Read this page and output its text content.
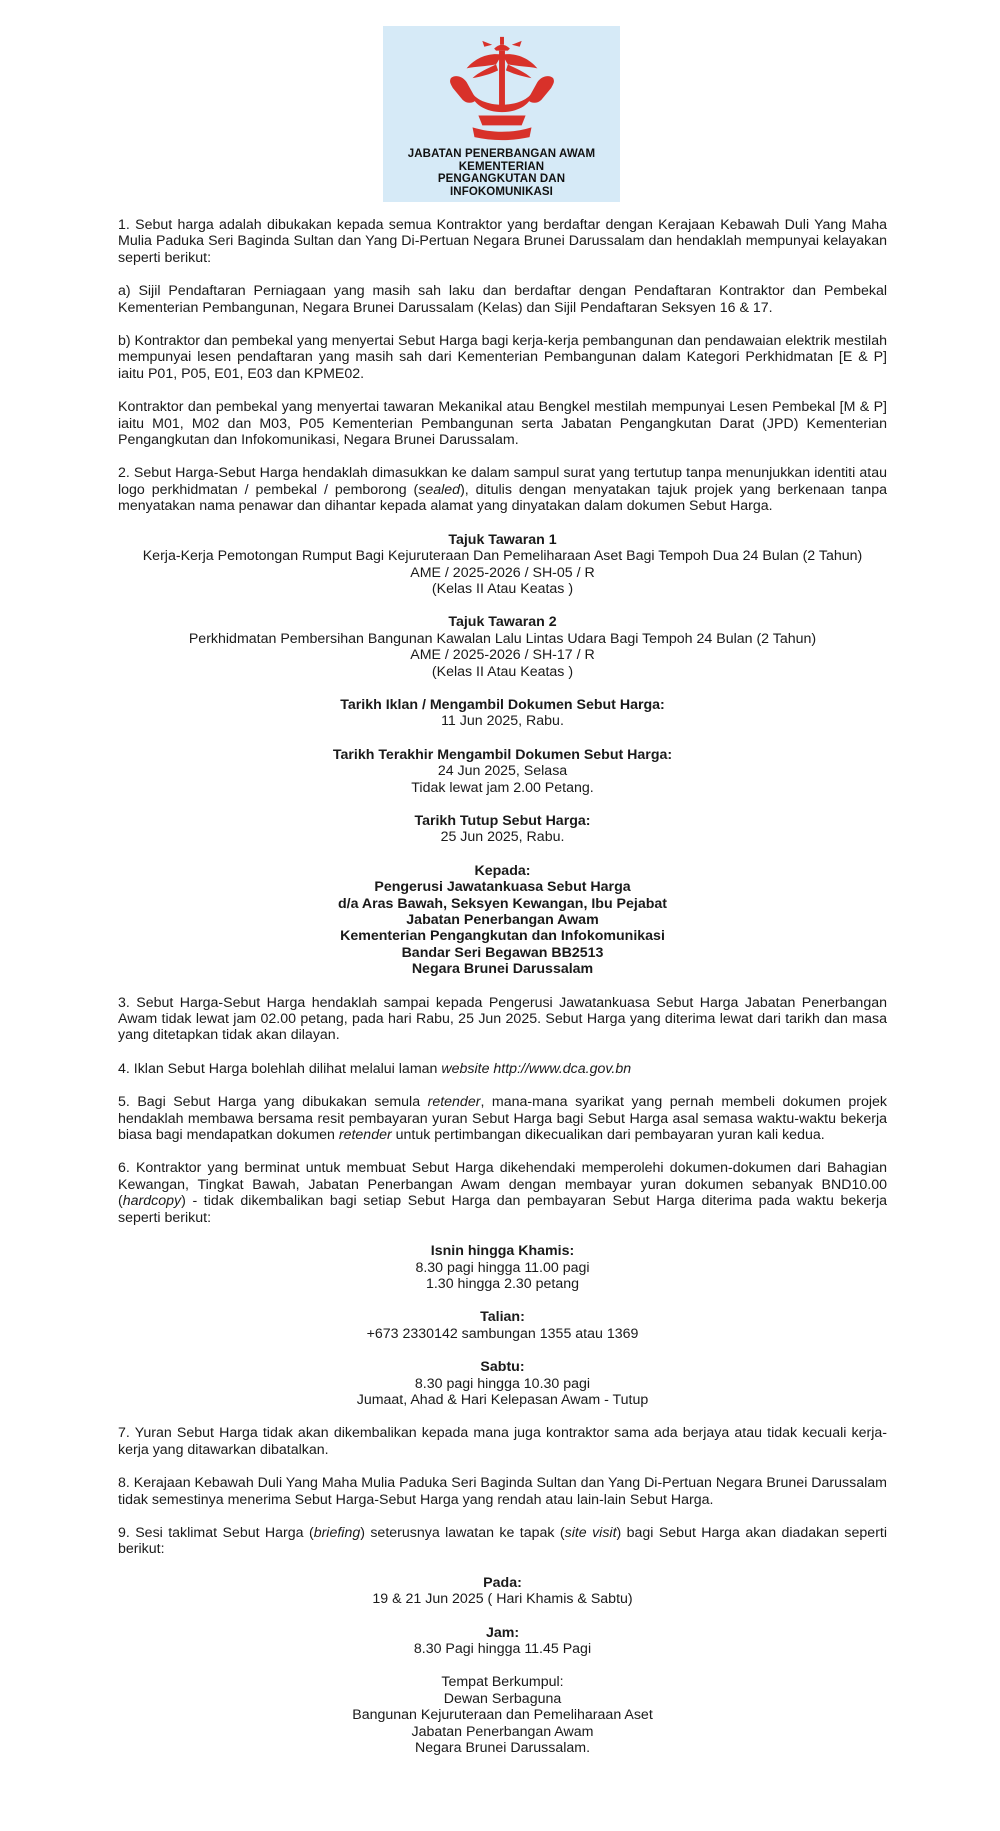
JABATAN PENERBANGAN AWAM
KEMENTERIAN
PENGANGKUTAN DAN
INFOKOMUNIKASI

1. Sebut harga adalah dibukakan kepada semua Kontraktor yang berdaftar dengan Kerajaan Kebawah Duli Yang Maha Mulia Paduka Seri Baginda Sultan dan Yang Di-Pertuan Negara Brunei Darussalam dan hendaklah mempunyai kelayakan seperti berikut:

a) Sijil Pendaftaran Perniagaan yang masih sah laku dan berdaftar dengan Pendaftaran Kontraktor dan Pembekal Kementerian Pembangunan, Negara Brunei Darussalam (Kelas) dan Sijil Pendaftaran Seksyen 16 & 17.

b) Kontraktor dan pembekal yang menyertai Sebut Harga bagi kerja-kerja pembangunan dan pendawaian elektrik mestilah mempunyai lesen pendaftaran yang masih sah dari Kementerian Pembangunan dalam Kategori Perkhidmatan [E & P] iaitu P01, P05, E01, E03 dan KPME02.

Kontraktor dan pembekal yang menyertai tawaran Mekanikal atau Bengkel mestilah mempunyai Lesen Pembekal [M & P] iaitu M01, M02 dan M03, P05 Kementerian Pembangunan serta Jabatan Pengangkutan Darat (JPD) Kementerian Pengangkutan dan Infokomunikasi, Negara Brunei Darussalam.

2. Sebut Harga-Sebut Harga hendaklah dimasukkan ke dalam sampul surat yang tertutup tanpa menunjukkan identiti atau logo perkhidmatan / pembekal / pemborong (sealed), ditulis dengan menyatakan tajuk projek yang berkenaan tanpa menyatakan nama penawar dan dihantar kepada alamat yang dinyatakan dalam dokumen Sebut Harga.

Tajuk Tawaran 1
Kerja-Kerja Pemotongan Rumput Bagi Kejuruteraan Dan Pemeliharaan Aset Bagi Tempoh Dua 24 Bulan (2 Tahun)
AME / 2025-2026 / SH-05 / R
(Kelas II Atau Keatas )
Tajuk Tawaran 2
Perkhidmatan Pembersihan Bangunan Kawalan Lalu Lintas Udara Bagi Tempoh 24 Bulan (2 Tahun)
AME / 2025-2026 / SH-17 / R
(Kelas II Atau Keatas )
Tarikh Iklan / Mengambil Dokumen Sebut Harga:
11 Jun 2025, Rabu.
Tarikh Terakhir Mengambil Dokumen Sebut Harga:
24 Jun 2025, Selasa
Tidak lewat jam 2.00 Petang.
Tarikh Tutup Sebut Harga:
25 Jun 2025, Rabu.
Kepada:
Pengerusi Jawatankuasa Sebut Harga
d/a Aras Bawah, Seksyen Kewangan, Ibu Pejabat
Jabatan Penerbangan Awam
Kementerian Pengangkutan dan Infokomunikasi
Bandar Seri Begawan BB2513
Negara Brunei Darussalam

3. Sebut Harga-Sebut Harga hendaklah sampai kepada Pengerusi Jawatankuasa Sebut Harga Jabatan Penerbangan Awam tidak lewat jam 02.00 petang, pada hari Rabu, 25 Jun 2025. Sebut Harga yang diterima lewat dari tarikh dan masa yang ditetapkan tidak akan dilayan.

4. Iklan Sebut Harga bolehlah dilihat melalui laman website http://www.dca.gov.bn

5. Bagi Sebut Harga yang dibukakan semula retender, mana-mana syarikat yang pernah membeli dokumen projek hendaklah membawa bersama resit pembayaran yuran Sebut Harga bagi Sebut Harga asal semasa waktu-waktu bekerja biasa bagi mendapatkan dokumen retender untuk pertimbangan dikecualikan dari pembayaran yuran kali kedua.

6. Kontraktor yang berminat untuk membuat Sebut Harga dikehendaki memperolehi dokumen-dokumen dari Bahagian Kewangan, Tingkat Bawah, Jabatan Penerbangan Awam dengan membayar yuran dokumen sebanyak BND10.00 (hardcopy) - tidak dikembalikan bagi setiap Sebut Harga dan pembayaran Sebut Harga diterima pada waktu bekerja seperti berikut:

Isnin hingga Khamis:
8.30 pagi hingga 11.00 pagi
1.30 hingga 2.30 petang
Talian:
+673 2330142 sambungan 1355 atau 1369
Sabtu:
8.30 pagi hingga 10.30 pagi
Jumaat, Ahad & Hari Kelepasan Awam - Tutup

7. Yuran Sebut Harga tidak akan dikembalikan kepada mana juga kontraktor sama ada berjaya atau tidak kecuali kerja-kerja yang ditawarkan dibatalkan.

8. Kerajaan Kebawah Duli Yang Maha Mulia Paduka Seri Baginda Sultan dan Yang Di-Pertuan Negara Brunei Darussalam tidak semestinya menerima Sebut Harga-Sebut Harga yang rendah atau lain-lain Sebut Harga.

9. Sesi taklimat Sebut Harga (briefing) seterusnya lawatan ke tapak (site visit) bagi Sebut Harga akan diadakan seperti berikut:

Pada:
19 & 21 Jun 2025 ( Hari Khamis & Sabtu)
Jam:
8.30 Pagi hingga 11.45 Pagi
Tempat Berkumpul:
Dewan Serbaguna
Bangunan Kejuruteraan dan Pemeliharaan Aset
Jabatan Penerbangan Awam
Negara Brunei Darussalam.
